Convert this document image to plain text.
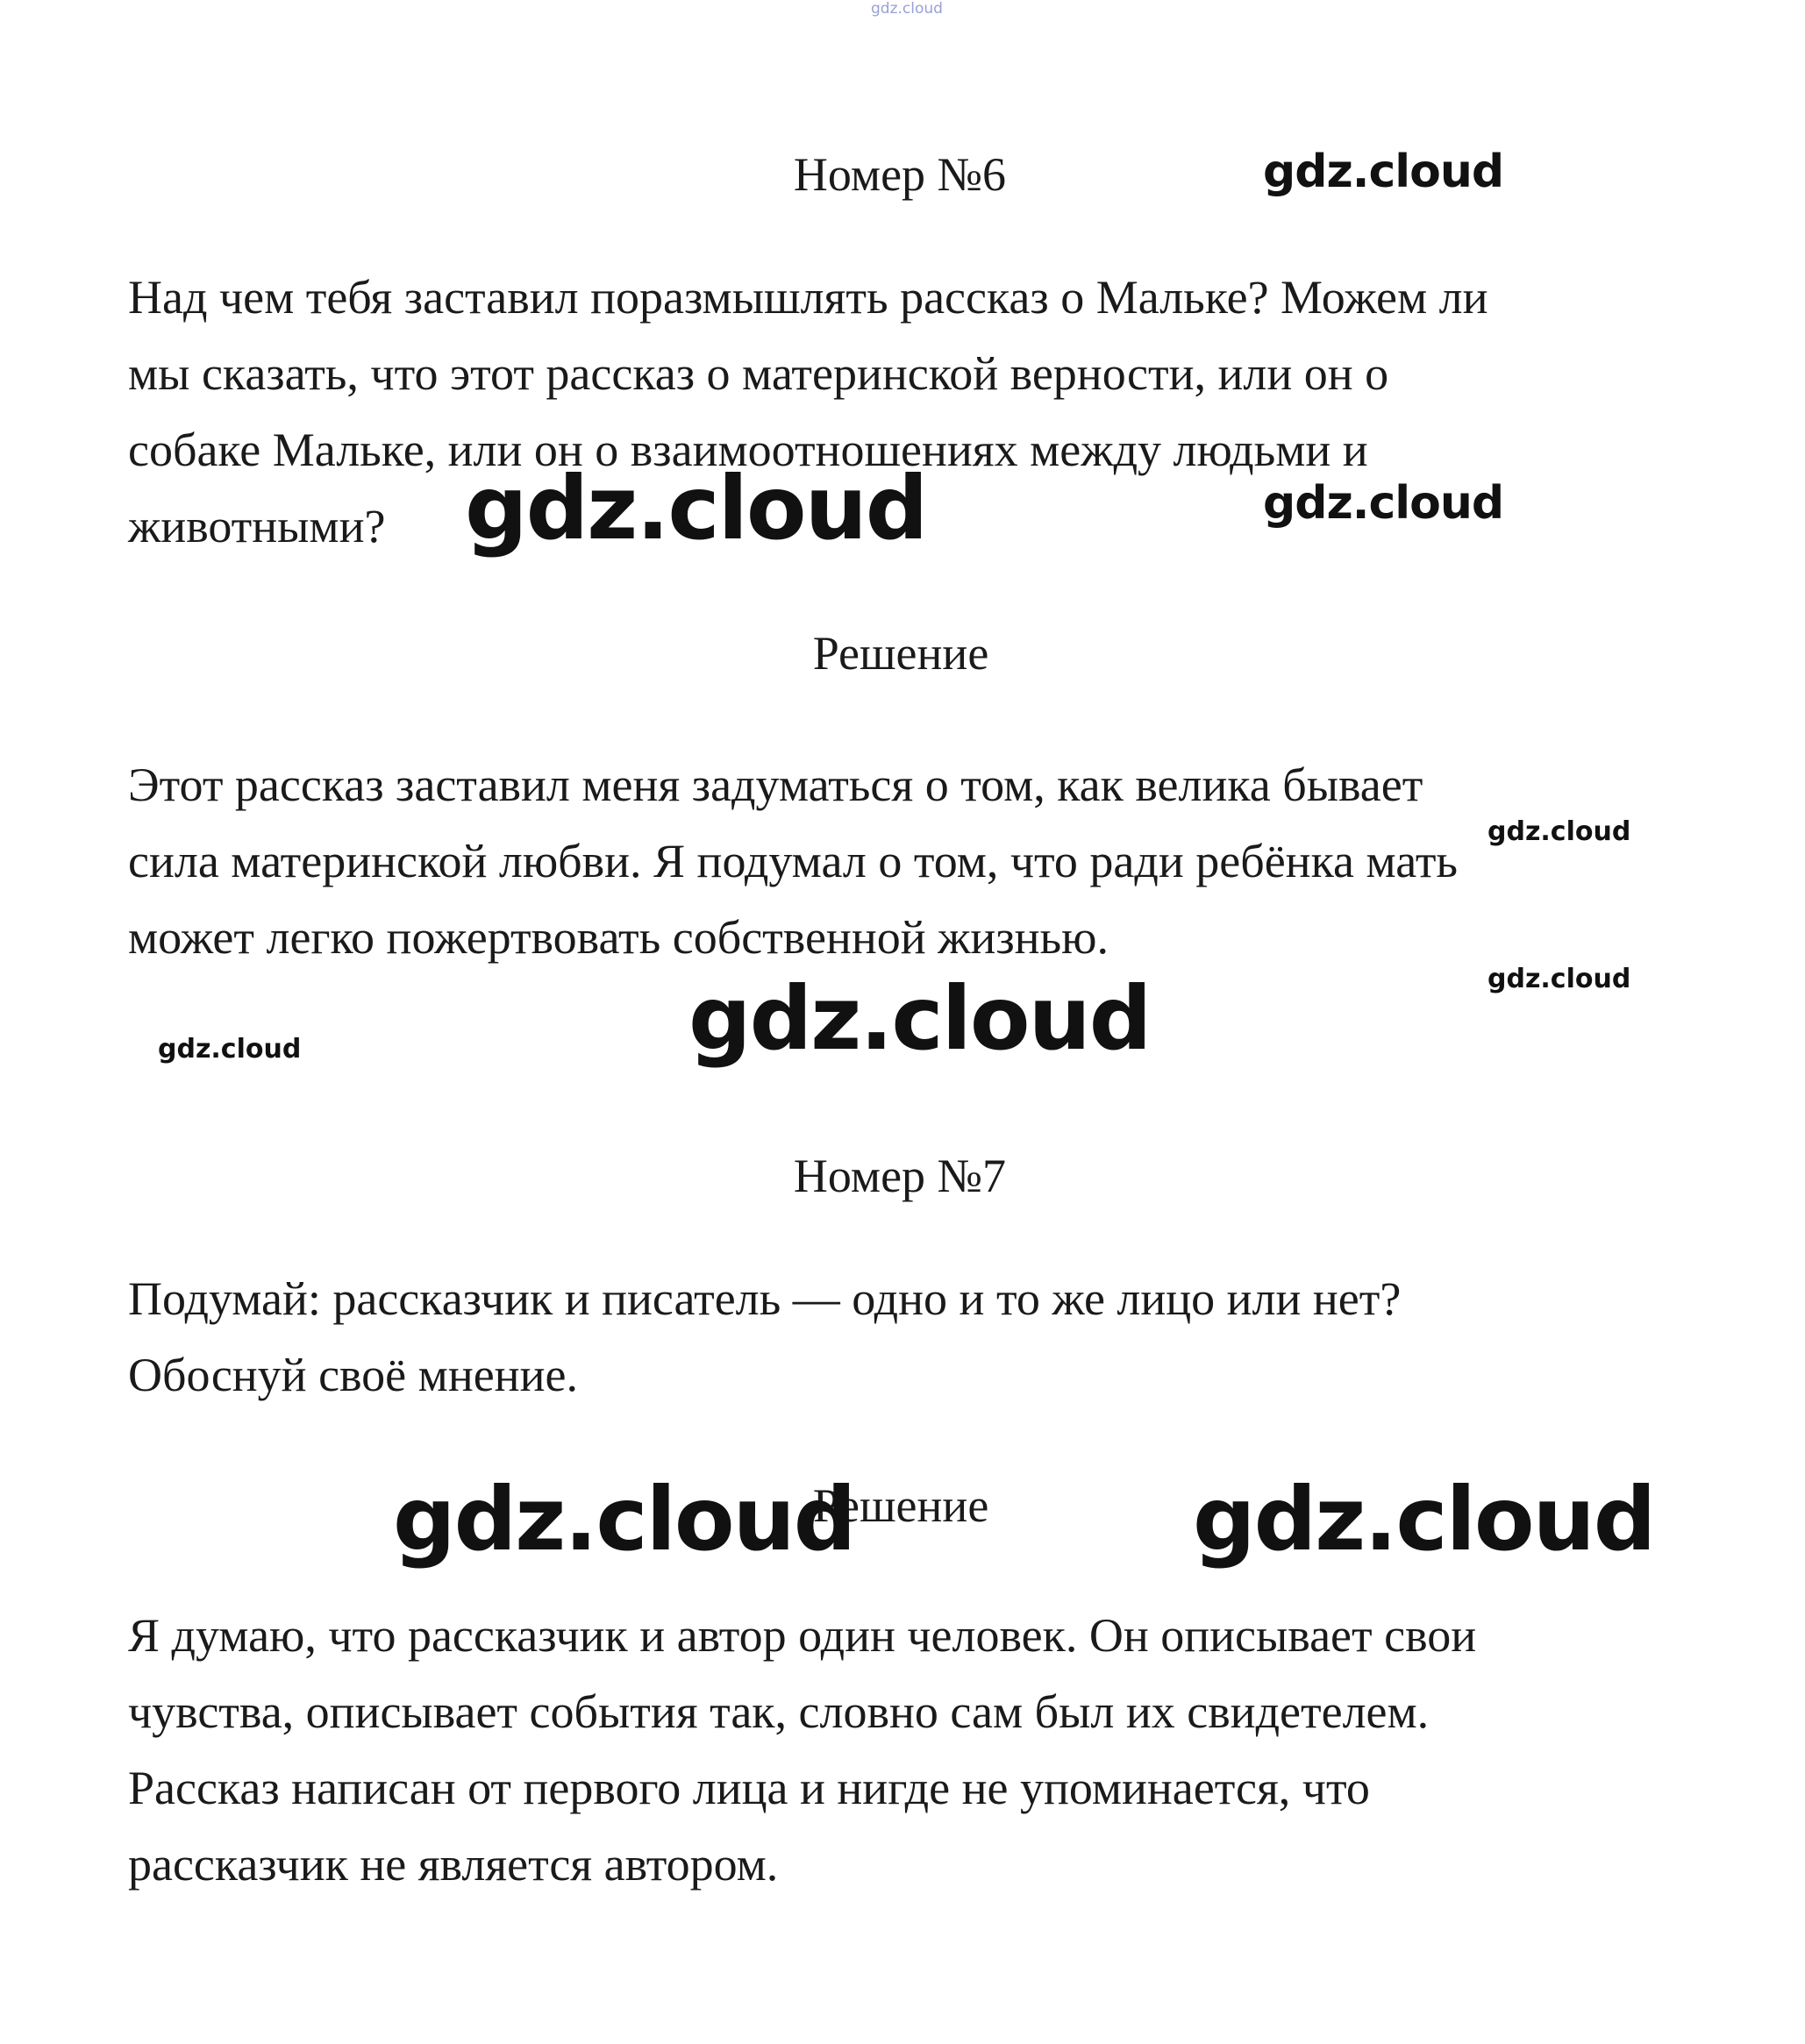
Номер №6

Над чем тебя заставил поразмышлять рассказ о Мальке? Можем ли
мы сказать, что этот рассказ о материнской верности, или он о
собаке Мальке, или он о взаимоотношениях между людьми и
животными?

Решение

Этот рассказ заставил меня задуматься о том, как велика бывает
сила материнской любви. Я подумал о том, что ради ребёнка мать
может легко пожертвовать собственной жизнью.

Номер №7

Подумай: рассказчик и писатель — одно и то же лицо или нет?
Обоснуй своё мнение.

Решение

Я думаю, что рассказчик и автор один человек. Он описывает свои
чувства, описывает события так, словно сам был их свидетелем.
Рассказ написан от первого лица и нигде не упоминается, что
рассказчик не является автором.

gdz.cloud
gdz.cloud
gdz.cloud	gdz.cloud
gdz.cloud
gdz.cloud
gdz.cloud
gdz.cloud
gdz.cloud	gdz.cloud
